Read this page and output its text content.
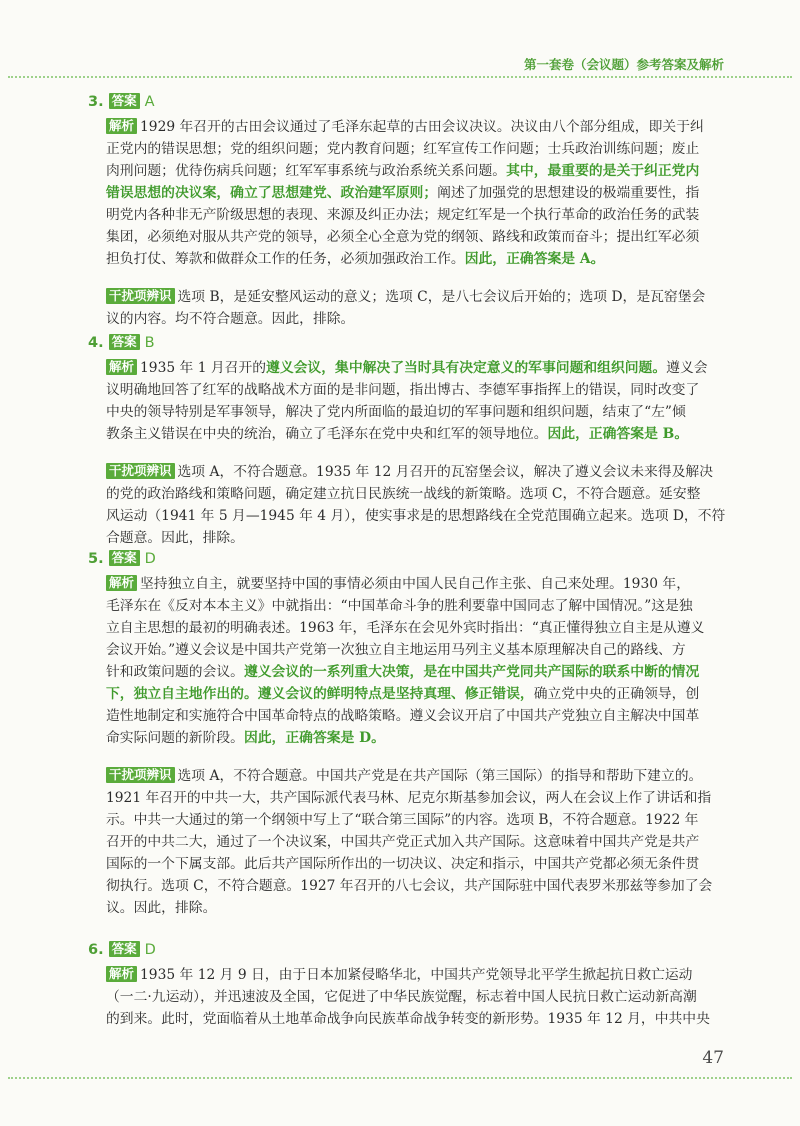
第一套卷（会议题）参考答案及解析
3. 答案 A
解析 1929 年召开的古田会议通过了毛泽东起草的古田会议决议。决议由八个部分组成，即关于纠
正党内的错误思想；党的组织问题；党内教育问题；红军宣传工作问题；士兵政治训练问题；废止
肉刑问题；优待伤病兵问题；红军军事系统与政治系统关系问题。其中，最重要的是关于纠正党内
错误思想的决议案，确立了思想建党、政治建军原则；阐述了加强党的思想建设的极端重要性，指
明党内各种非无产阶级思想的表现、来源及纠正办法；规定红军是一个执行革命的政治任务的武装
集团，必须绝对服从共产党的领导，必须全心全意为党的纲领、路线和政策而奋斗；提出红军必须
担负打仗、筹款和做群众工作的任务，必须加强政治工作。因此，正确答案是 A。
干扰项辨识 选项 B，是延安整风运动的意义；选项 C，是八七会议后开始的；选项 D，是瓦窑堡会
议的内容。均不符合题意。因此，排除。
4. 答案 B
解析 1935 年 1 月召开的遵义会议，集中解决了当时具有决定意义的军事问题和组织问题。遵义会
议明确地回答了红军的战略战术方面的是非问题，指出博古、李德军事指挥上的错误，同时改变了
中央的领导特别是军事领导，解决了党内所面临的最迫切的军事问题和组织问题，结束了“左”倾
教条主义错误在中央的统治，确立了毛泽东在党中央和红军的领导地位。因此，正确答案是 B。
干扰项辨识 选项 A，不符合题意。1935 年 12 月召开的瓦窑堡会议，解决了遵义会议未来得及解决
的党的政治路线和策略问题，确定建立抗日民族统一战线的新策略。选项 C，不符合题意。延安整
风运动（1941 年 5 月—1945 年 4 月），使实事求是的思想路线在全党范围确立起来。选项 D，不符
合题意。因此，排除。
5. 答案 D
解析 坚持独立自主，就要坚持中国的事情必须由中国人民自己作主张、自己来处理。1930 年，
毛泽东在《反对本本主义》中就指出：“中国革命斗争的胜利要靠中国同志了解中国情况。”这是独
立自主思想的最初的明确表述。1963 年，毛泽东在会见外宾时指出：“真正懂得独立自主是从遵义
会议开始。”遵义会议是中国共产党第一次独立自主地运用马列主义基本原理解决自己的路线、方
针和政策问题的会议。遵义会议的一系列重大决策，是在中国共产党同共产国际的联系中断的情况
下，独立自主地作出的。遵义会议的鲜明特点是坚持真理、修正错误，确立党中央的正确领导，创
造性地制定和实施符合中国革命特点的战略策略。遵义会议开启了中国共产党独立自主解决中国革
命实际问题的新阶段。因此，正确答案是 D。
干扰项辨识 选项 A，不符合题意。中国共产党是在共产国际（第三国际）的指导和帮助下建立的。
1921 年召开的中共一大，共产国际派代表马林、尼克尔斯基参加会议，两人在会议上作了讲话和指
示。中共一大通过的第一个纲领中写上了“联合第三国际”的内容。选项 B，不符合题意。1922 年
召开的中共二大，通过了一个决议案，中国共产党正式加入共产国际。这意味着中国共产党是共产
国际的一个下属支部。此后共产国际所作出的一切决议、决定和指示，中国共产党都必须无条件贯
彻执行。选项 C，不符合题意。1927 年召开的八七会议，共产国际驻中国代表罗米那兹等参加了会
议。因此，排除。
6. 答案 D
解析 1935 年 12 月 9 日，由于日本加紧侵略华北，中国共产党领导北平学生掀起抗日救亡运动
（一二·九运动），并迅速波及全国，它促进了中华民族觉醒，标志着中国人民抗日救亡运动新高潮
的到来。此时，党面临着从土地革命战争向民族革命战争转变的新形势。1935 年 12 月，中共中央
47
